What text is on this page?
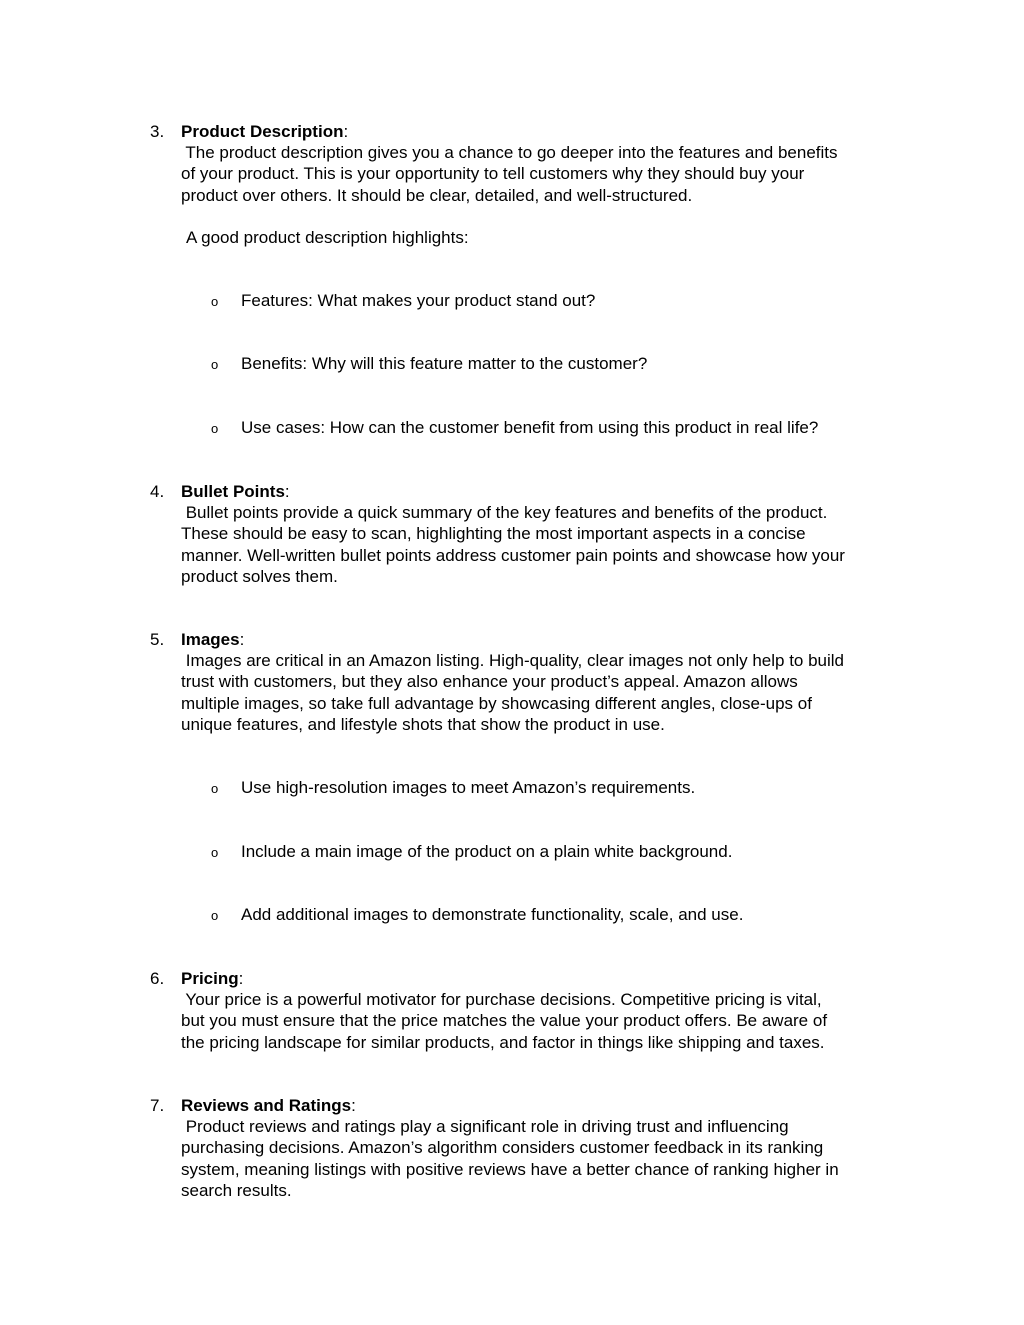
3. Product Description:
The product description gives you a chance to go deeper into the features and benefits
of your product. This is your opportunity to tell customers why they should buy your
product over others. It should be clear, detailed, and well-structured.
A good product description highlights:
o Features: What makes your product stand out?
o Benefits: Why will this feature matter to the customer?
o Use cases: How can the customer benefit from using this product in real life?
4. Bullet Points:
Bullet points provide a quick summary of the key features and benefits of the product.
These should be easy to scan, highlighting the most important aspects in a concise
manner. Well-written bullet points address customer pain points and showcase how your
product solves them.
5. Images:
Images are critical in an Amazon listing. High-quality, clear images not only help to build
trust with customers, but they also enhance your product’s appeal. Amazon allows
multiple images, so take full advantage by showcasing different angles, close-ups of
unique features, and lifestyle shots that show the product in use.
o Use high-resolution images to meet Amazon’s requirements.
o Include a main image of the product on a plain white background.
o Add additional images to demonstrate functionality, scale, and use.
6. Pricing:
Your price is a powerful motivator for purchase decisions. Competitive pricing is vital,
but you must ensure that the price matches the value your product offers. Be aware of
the pricing landscape for similar products, and factor in things like shipping and taxes.
7. Reviews and Ratings:
Product reviews and ratings play a significant role in driving trust and influencing
purchasing decisions. Amazon’s algorithm considers customer feedback in its ranking
system, meaning listings with positive reviews have a better chance of ranking higher in
search results.
